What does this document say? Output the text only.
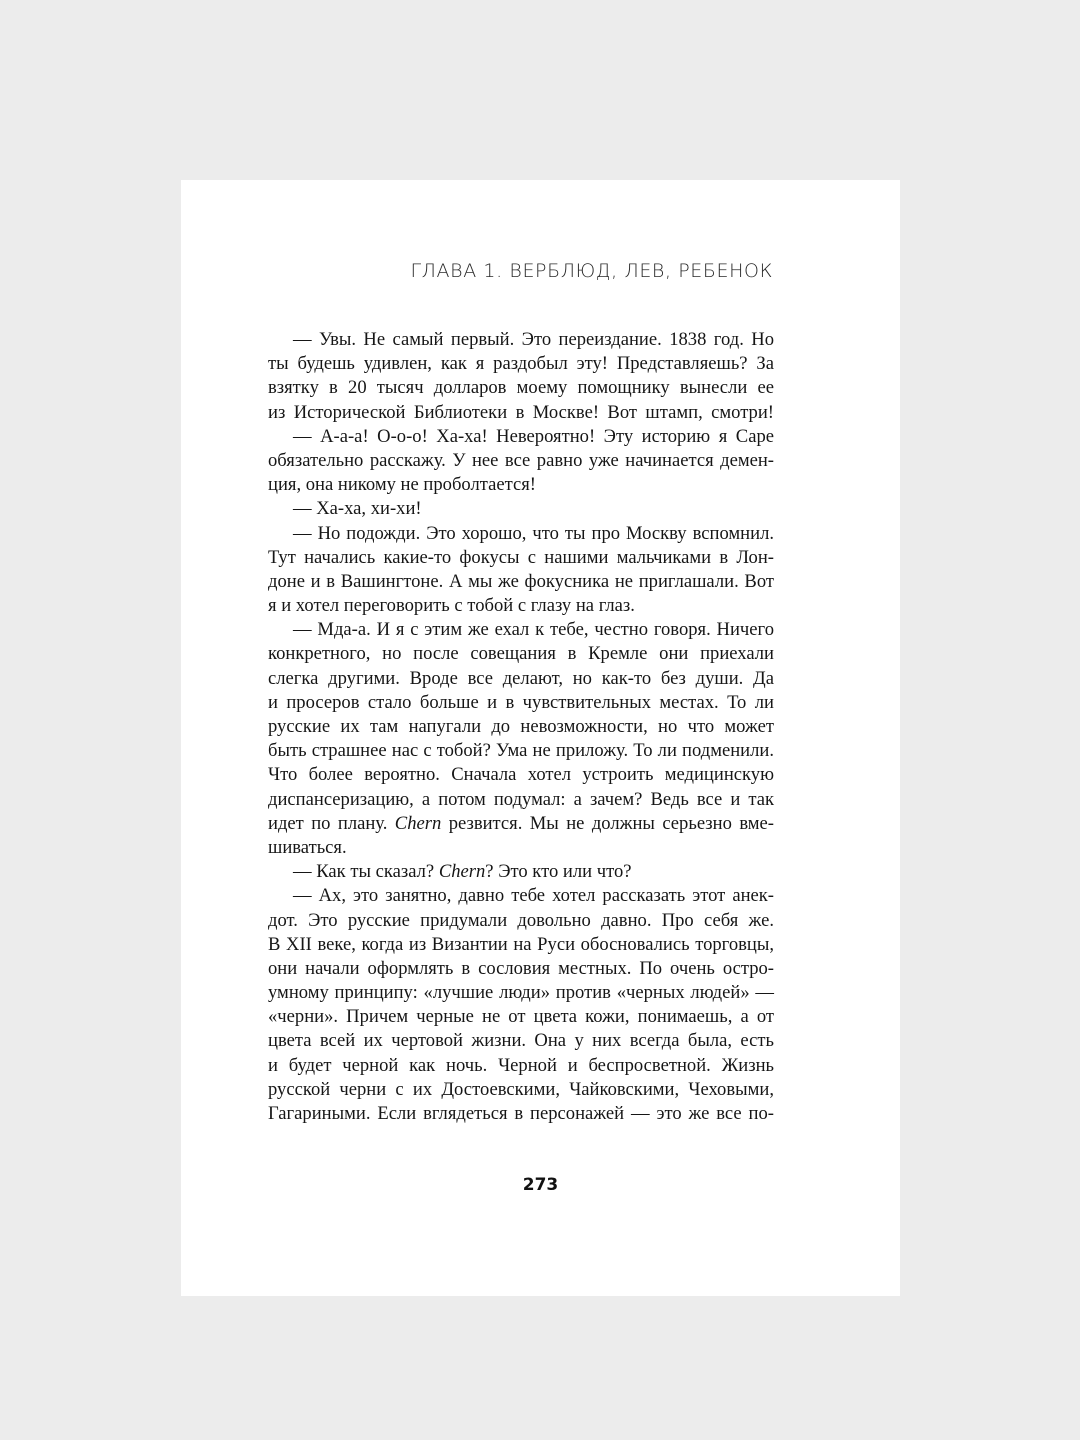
ГЛАВА 1. ВЕРБЛЮД, ЛЕВ, РЕБЕНОК
— Увы. Не самый первый. Это переиздание. 1838 год. Но
ты будешь удивлен, как я раздобыл эту! Представляешь? За
взятку в 20 тысяч долларов моему помощнику вынесли ее
из Исторической Библиотеки в Москве! Вот штамп, смотри!
— А-а-а! О-о-о! Ха-ха! Невероятно! Эту историю я Саре
обязательно расскажу. У нее все равно уже начинается демен-
ция, она никому не проболтается!
— Ха-ха, хи-хи!
— Но подожди. Это хорошо, что ты про Москву вспомнил.
Тут начались какие-то фокусы с нашими мальчиками в Лон-
доне и в Вашингтоне. А мы же фокусника не приглашали. Вот
я и хотел переговорить с тобой с глазу на глаз.
— Мда-а. И я с этим же ехал к тебе, честно говоря. Ничего
конкретного, но после совещания в Кремле они приехали
слегка другими. Вроде все делают, но как-то без души. Да
и просеров стало больше и в чувствительных местах. То ли
русские их там напугали до невозможности, но что может
быть страшнее нас с тобой? Ума не приложу. То ли подменили.
Что более вероятно. Сначала хотел устроить медицинскую
диспансеризацию, а потом подумал: а зачем? Ведь все и так
идет по плану. Chern резвится. Мы не должны серьезно вме-
шиваться.
— Как ты сказал? Chern? Это кто или что?
— Ах, это занятно, давно тебе хотел рассказать этот анек-
дот. Это русские придумали довольно давно. Про себя же.
В XII веке, когда из Византии на Руси обосновались торговцы,
они начали оформлять в сословия местных. По очень остро-
умному принципу: «лучшие люди» против «черных людей» —
«черни». Причем черные не от цвета кожи, понимаешь, а от
цвета всей их чертовой жизни. Она у них всегда была, есть
и будет черной как ночь. Черной и беспросветной. Жизнь
русской черни с их Достоевскими, Чайковскими, Чеховыми,
Гагариными. Если вглядеться в персонажей — это же все по-
273
